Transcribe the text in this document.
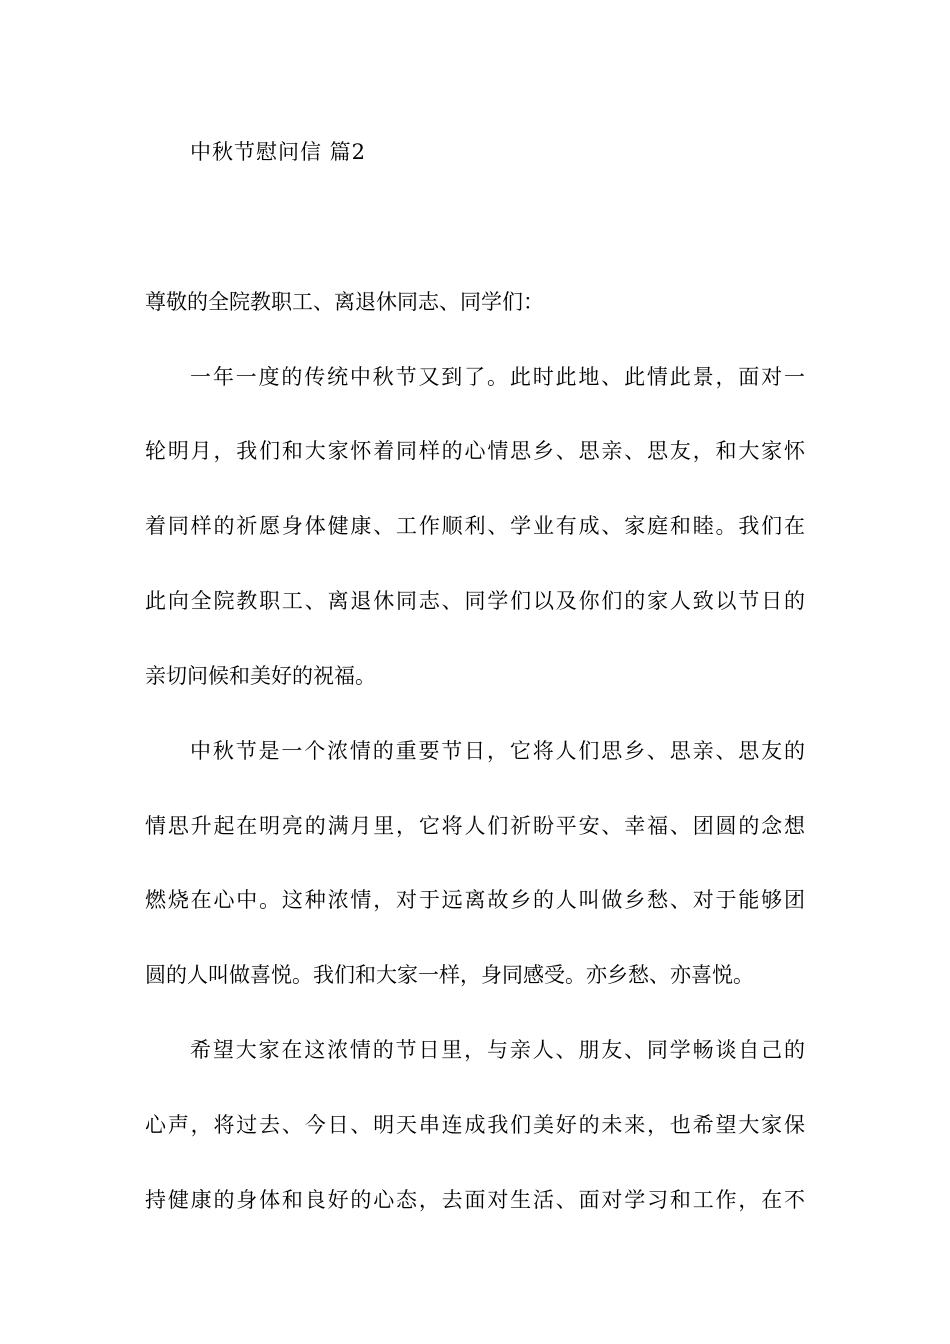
中秋节慰问信 篇2
尊敬的全院教职工、离退休同志、同学们：
一年一度的传统中秋节又到了。此时此地、此情此景，面对一
轮明月，我们和大家怀着同样的心情思乡、思亲、思友，和大家怀
着同样的祈愿身体健康、工作顺利、学业有成、家庭和睦。我们在
此向全院教职工、离退休同志、同学们以及你们的家人致以节日的
亲切问候和美好的祝福。
中秋节是一个浓情的重要节日，它将人们思乡、思亲、思友的
情思升起在明亮的满月里，它将人们祈盼平安、幸福、团圆的念想
燃烧在心中。这种浓情，对于远离故乡的人叫做乡愁、对于能够团
圆的人叫做喜悦。我们和大家一样，身同感受。亦乡愁、亦喜悦。
希望大家在这浓情的节日里，与亲人、朋友、同学畅谈自己的
心声，将过去、今日、明天串连成我们美好的未来，也希望大家保
持健康的身体和良好的心态，去面对生活、面对学习和工作，在不
